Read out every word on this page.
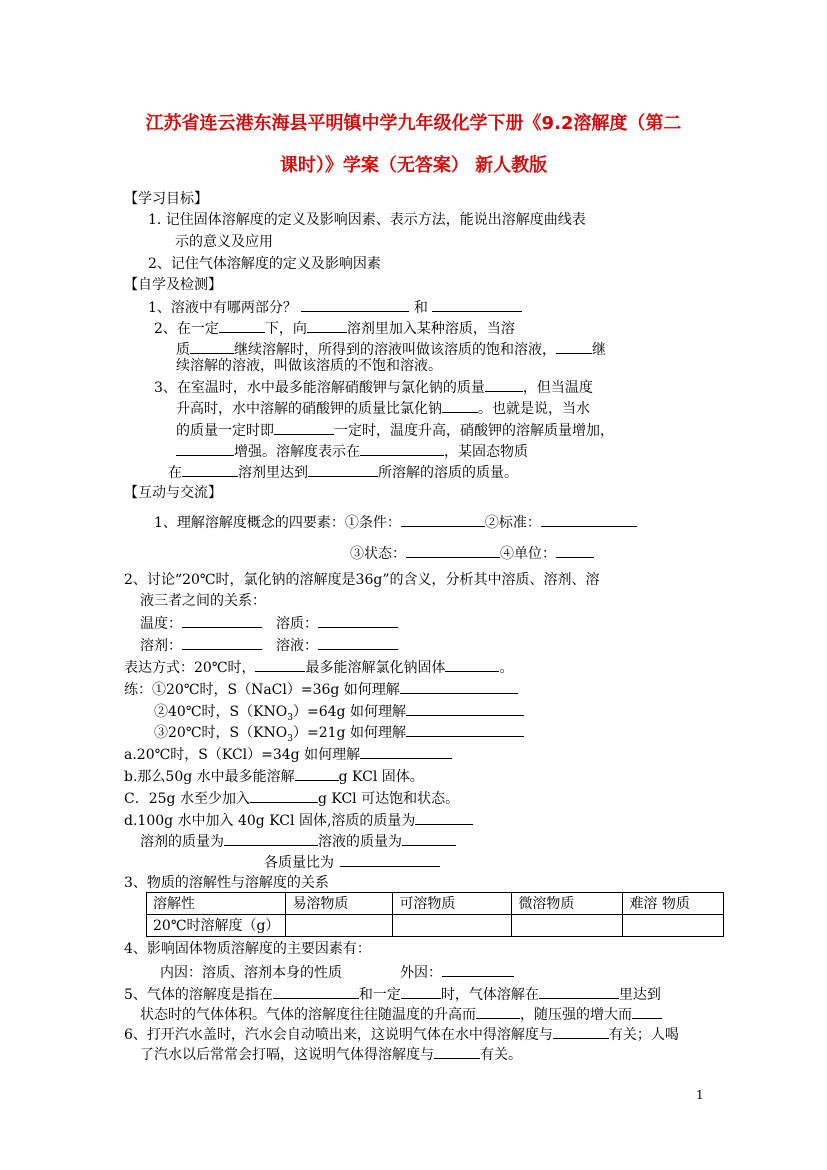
江苏省连云港东海县平明镇中学九年级化学下册《9.2溶解度（第二
课时）》学案（无答案） 新人教版
【学习目标】
1. 记住固体溶解度的定义及影响因素、表示方法，能说出溶解度曲线表
示的意义及应用
2、记住气体溶解度的定义及影响因素
【自学及检测】
1、溶液中有哪两部分？	和
2、在一定	下，向	溶剂里加入某种溶质，当溶
质	继续溶解时，所得到的溶液叫做该溶质的饱和溶液，	继
续溶解的溶液，叫做该溶质的不饱和溶液。
3、在室温时，水中最多能溶解硝酸钾与氯化钠的质量	，但当温度
升高时，水中溶解的硝酸钾的质量比氯化钠	。也就是说，当水
的质量一定时即	一定时，温度升高，硝酸钾的溶解质量增加，
增强。溶解度表示在	，某固态物质
在	溶剂里达到	所溶解的溶质的质量。
【互动与交流】
1、理解溶解度概念的四要素：①条件：	②标准：
③状态：	④单位：
2、讨论“20℃时，氯化钠的溶解度是36g”的含义，分析其中溶质、溶剂、溶
液三者之间的关系：
温度：	溶质：
溶剂：	溶液：
表达方式：20℃时，	最多能溶解氯化钠固体	。
练：①20℃时，S（NaCl）=36g 如何理解
②40℃时，$S(KNO_3)=64g$ 如何理解
③20℃时，$S(KNO_3)=21g$ 如何理解
a.20℃时，S（KCl）=34g 如何理解
b.那么50g 水中最多能溶解	g KCl 固体。
C．25g 水至少加入	g KCl 可达饱和状态。
d.100g 水中加入 40g KCl 固体,溶质的质量为
溶剂的质量为	溶液的质量为
各质量比为
3、物质的溶解性与溶解度的关系
溶解性	易溶物质	可溶物质	微溶物质	难溶 物质
20℃时溶解度（g）				
4、影响固体物质溶解度的主要因素有：
内因：溶质、溶剂本身的性质	外因：
5、气体的溶解度是指在	和一定	时，气体溶解在	里达到
状态时的气体体积。气体的溶解度往往随温度的升高而	，随压强的增大而
6、打开汽水盖时，汽水会自动喷出来，这说明气体在水中得溶解度与	有关；人喝
了汽水以后常常会打嗝，这说明气体得溶解度与	有关。
1
